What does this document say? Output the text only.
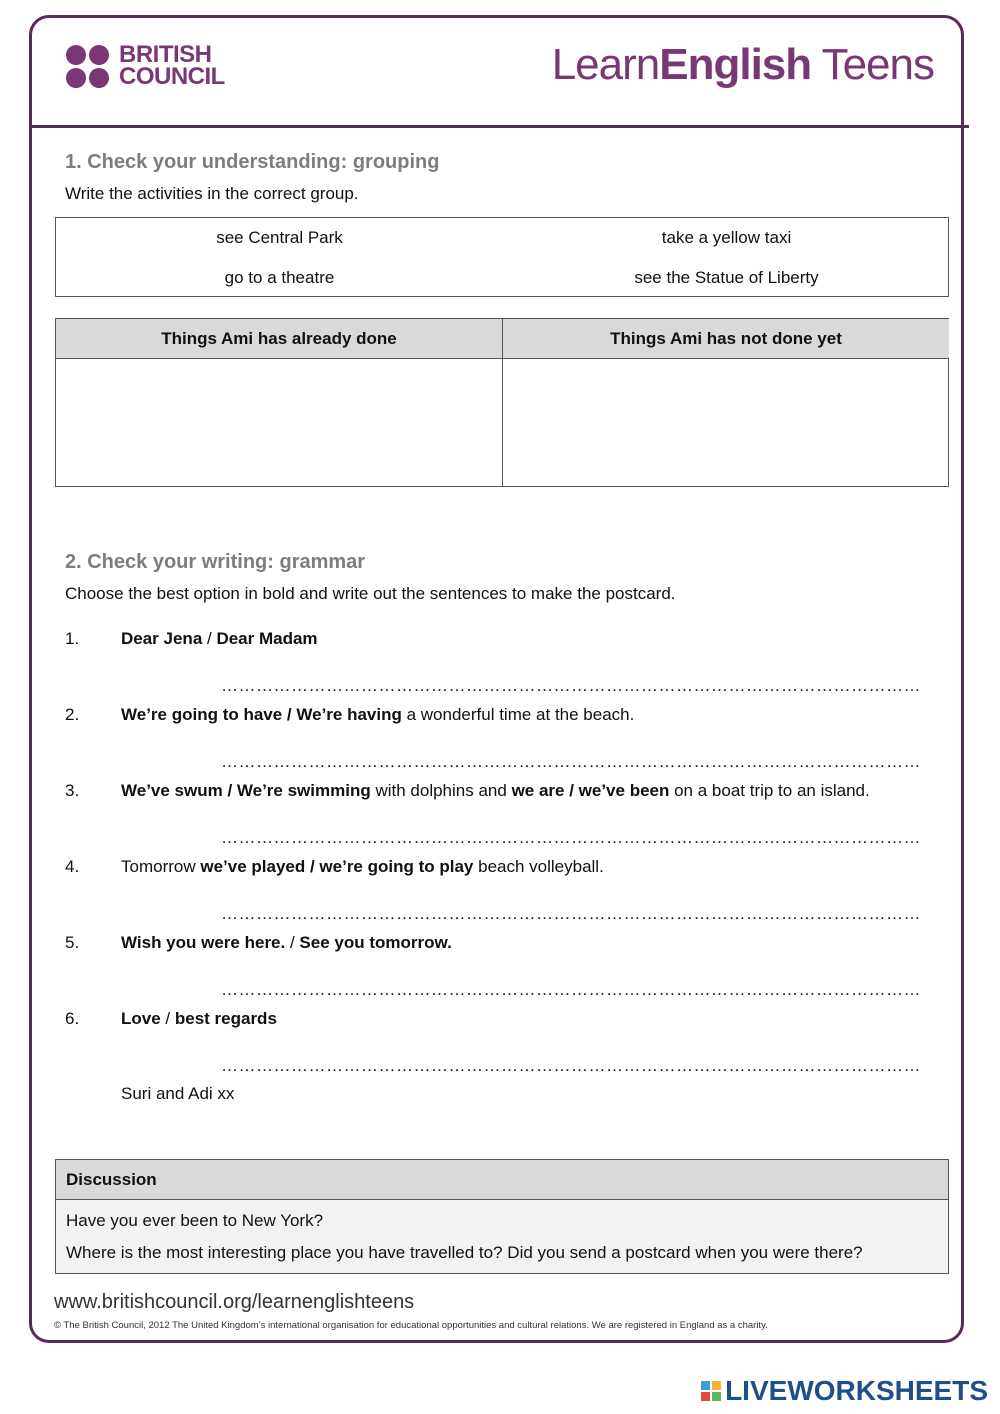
BRITISH
COUNCIL	LearnEnglish Teens
1. Check your understanding: grouping
Write the activities in the correct group.
see Central Park	take a yellow taxi
go to a theatre	see the Statue of Liberty
Things Ami has already done	Things Ami has not done yet
2. Check your writing: grammar
Choose the best option in bold and write out the sentences to make the postcard.
1. Dear Jena / Dear Madam
…………………………………………………………………………………………………………
2. We’re going to have / We’re having a wonderful time at the beach.
…………………………………………………………………………………………………………
3. We’ve swum / We’re swimming with dolphins and we are / we’ve been on a boat trip to an island.
…………………………………………………………………………………………………………
4. Tomorrow we’ve played / we’re going to play beach volleyball.
…………………………………………………………………………………………………………
5. Wish you were here. / See you tomorrow.
…………………………………………………………………………………………………………
6. Love / best regards
…………………………………………………………………………………………………………
Suri and Adi xx
Discussion
Have you ever been to New York?
Where is the most interesting place you have travelled to? Did you send a postcard when you were there?
www.britishcouncil.org/learnenglishteens
© The British Council, 2012 The United Kingdom’s international organisation for educational opportunities and cultural relations. We are registered in England as a charity.
LIVEWORKSHEETS
